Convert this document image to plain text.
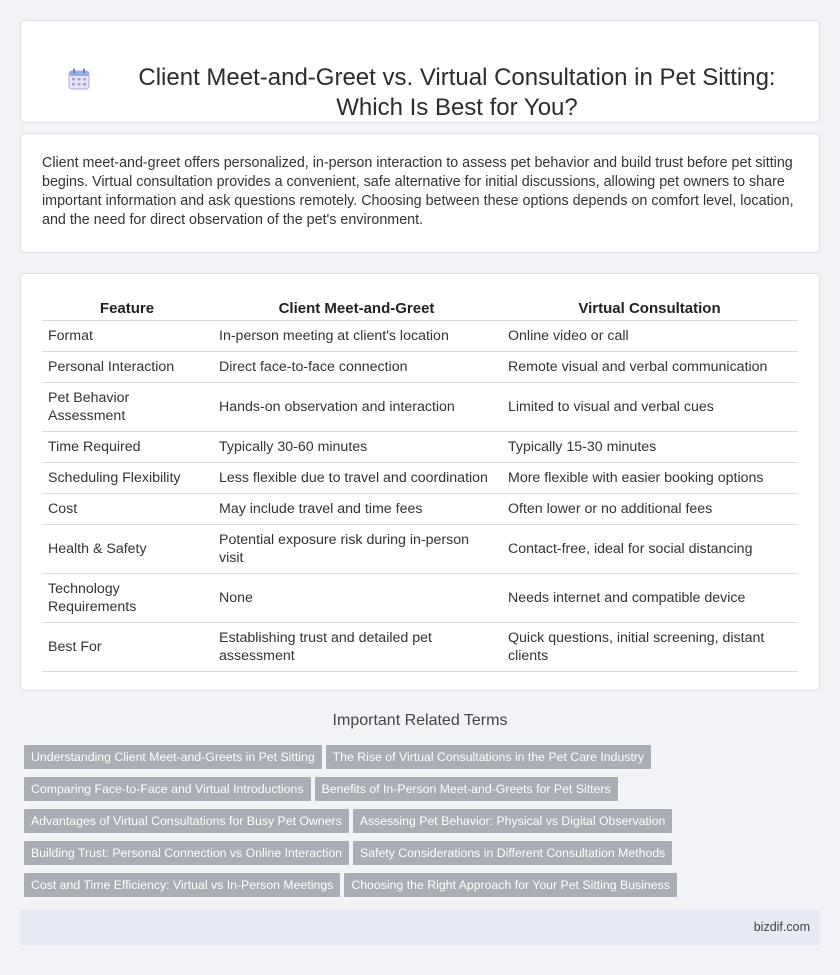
Client Meet-and-Greet vs. Virtual Consultation in Pet Sitting: Which Is Best for You?

Client meet-and-greet offers personalized, in-person interaction to assess pet behavior and build trust before pet sitting begins. Virtual consultation provides a convenient, safe alternative for initial discussions, allowing pet owners to share important information and ask questions remotely. Choosing between these options depends on comfort level, location, and the need for direct observation of the pet's environment.

Feature	Client Meet-and-Greet	Virtual Consultation
Format	In-person meeting at client's location	Online video or call
Personal Interaction	Direct face-to-face connection	Remote visual and verbal communication
Pet Behavior Assessment	Hands-on observation and interaction	Limited to visual and verbal cues
Time Required	Typically 30-60 minutes	Typically 15-30 minutes
Scheduling Flexibility	Less flexible due to travel and coordination	More flexible with easier booking options
Cost	May include travel and time fees	Often lower or no additional fees
Health & Safety	Potential exposure risk during in-person visit	Contact-free, ideal for social distancing
Technology Requirements	None	Needs internet and compatible device
Best For	Establishing trust and detailed pet assessment	Quick questions, initial screening, distant clients
Important Related Terms
Understanding Client Meet-and-Greets in Pet Sitting The Rise of Virtual Consultations in the Pet Care Industry
Comparing Face-to-Face and Virtual Introductions Benefits of In-Person Meet-and-Greets for Pet Sitters
Advantages of Virtual Consultations for Busy Pet Owners Assessing Pet Behavior: Physical vs Digital Observation
Building Trust: Personal Connection vs Online Interaction Safety Considerations in Different Consultation Methods
Cost and Time Efficiency: Virtual vs In-Person Meetings Choosing the Right Approach for Your Pet Sitting Business
bizdif.com
